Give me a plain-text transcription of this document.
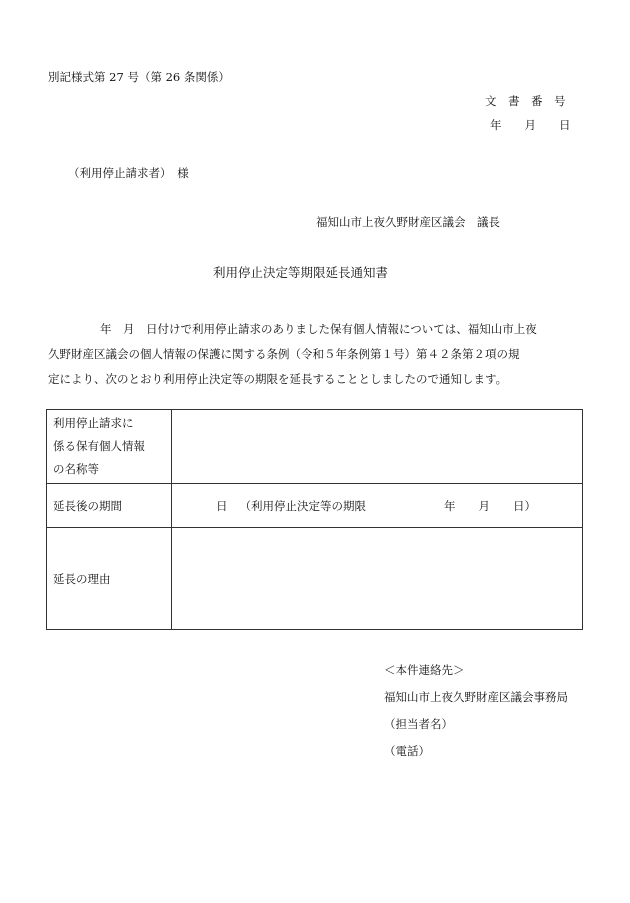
別記様式第 27 号（第 26 条関係）
文　書　番　号
年　　月　　日
（利用停止請求者）　様
福知山市上夜久野財産区議会　議長
利用停止決定等期限延長通知書

年　月　日付けで利用停止請求のありました保有個人情報については、福知山市上夜

久野財産区議会の個人情報の保護に関する条例（令和５年条例第１号）第４２条第２項の規

定により、次のとおり利用停止決定等の期限を延長することとしましたので通知します。

利用停止請求に
係る保有個人情報
の名称等	

延長後の期間	日 （利用停止決定等の期限 年　　月　　日）

延長の理由	
＜本件連絡先＞
福知山市上夜久野財産区議会事務局
（担当者名）
（電話）
